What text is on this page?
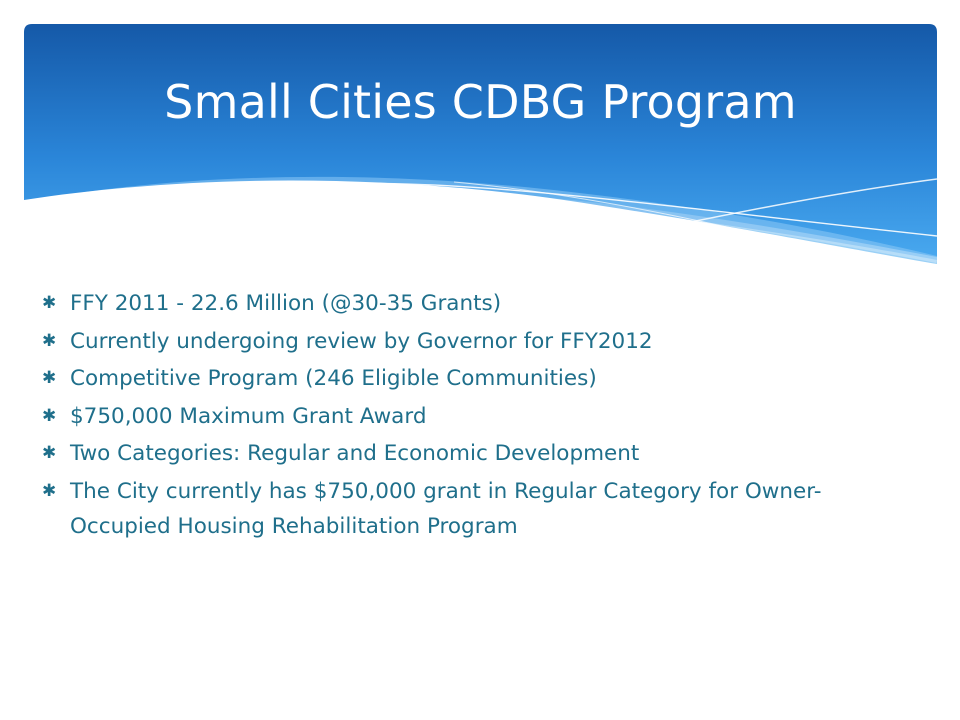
Small Cities CDBG Program
✱ FFY 2011 - 22.6 Million (@30-35 Grants)
✱ Currently undergoing review by Governor for FFY2012
✱ Competitive Program (246 Eligible Communities)
✱ $750,000 Maximum Grant Award
✱ Two Categories: Regular and Economic Development
✱ The City currently has $750,000 grant in Regular Category for Owner-Occupied Housing Rehabilitation Program
